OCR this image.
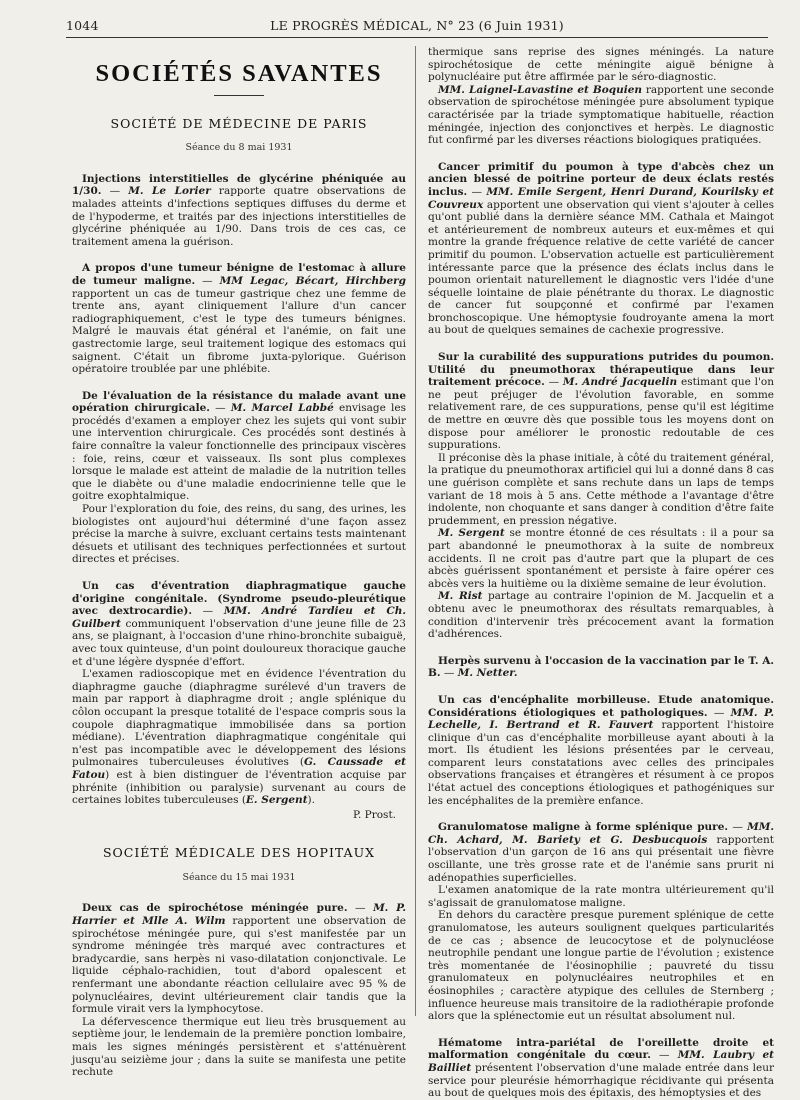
1044	LE PROGRÈS MÉDICAL, N° 23 (6 Juin 1931)
SOCIÉTÉS SAVANTES
SOCIÉTÉ DE MÉDECINE DE PARIS
Séance du 8 mai 1931

Injections interstitielles de glycérine phéniquée au 1/30. — M. Le Lorier rapporte quatre observations de malades atteints d'infections septiques diffuses du derme et de l'hypoderme, et traités par des injections interstitielles de glycérine phéniquée au 1/90. Dans trois de ces cas, ce traitement amena la guérison.

A propos d'une tumeur bénigne de l'estomac à allure de tumeur maligne. — MM Legac, Bécart, Hirchberg rapportent un cas de tumeur gastrique chez une femme de trente ans, ayant cliniquement l'allure d'un cancer radiographiquement, c'est le type des tumeurs bénignes. Malgré le mauvais état général et l'anémie, on fait une gastrectomie large, seul traitement logique des estomacs qui saignent. C'était un fibrome juxta-pylorique. Guérison opératoire troublée par une phlébite.

De l'évaluation de la résistance du malade avant une opération chirurgicale. — M. Marcel Labbé envisage les procédés d'examen a employer chez les sujets qui vont subir une intervention chirurgicale. Ces procédés sont destinés à faire connaître la valeur fonctionnelle des principaux viscères : foie, reins, cœur et vaisseaux. Ils sont plus complexes lorsque le malade est atteint de maladie de la nutrition telles que le diabète ou d'une maladie endocrinienne telle que le goitre exophtalmique.

Pour l'exploration du foie, des reins, du sang, des urines, les biologistes ont aujourd'hui déterminé d'une façon assez précise la marche à suivre, excluant certains tests maintenant désuets et utilisant des techniques perfectionnées et surtout directes et précises.

Un cas d'éventration diaphragmatique gauche d'origine congénitale. (Syndrome pseudo-pleurétique avec dextrocardie). — MM. André Tardieu et Ch. Guilbert communiquent l'observation d'une jeune fille de 23 ans, se plaignant, à l'occasion d'une rhino-bronchite subaiguë, avec toux quinteuse, d'un point douloureux thoracique gauche et d'une légère dyspnée d'effort.

L'examen radioscopique met en évidence l'éventration du diaphragme gauche (diaphragme surélevé d'un travers de main par rapport à diaphragme droit ; angle splénique du côlon occupant la presque totalité de l'espace compris sous la coupole diaphragmatique immobilisée dans sa portion médiane). L'éventration diaphragmatique congénitale qui n'est pas incompatible avec le développement des lésions pulmonaires tuberculeuses évolutives (G. Caussade et Fatou) est à bien distinguer de l'éventration acquise par phrénite (inhibition ou paralysie) survenant au cours de certaines lobites tuberculeuses (E. Sergent).

P. Prost.
SOCIÉTÉ MÉDICALE DES HOPITAUX
Séance du 15 mai 1931

Deux cas de spirochétose méningée pure. — M. P. Harrier et Mlle A. Wilm rapportent une observation de spirochétose méningée pure, qui s'est manifestée par un syndrome méningée très marqué avec contractures et bradycardie, sans herpès ni vaso-dilatation conjonctivale. Le liquide céphalo-rachidien, tout d'abord opalescent et renfermant une abondante réaction cellulaire avec 95 % de polynucléaires, devint ultérieurement clair tandis que la formule virait vers la lymphocytose.

La défervescence thermique eut lieu très brusquement au septième jour, le lendemain de la première ponction lombaire, mais les signes méningés persistèrent et s'atténuèrent jusqu'au seizième jour ; dans la suite se manifesta une petite rechute

thermique sans reprise des signes méningés. La nature spirochétosique de cette méningite aiguë bénigne à polynucléaire put être affirmée par le séro-diagnostic.

MM. Laignel-Lavastine et Boquien rapportent une seconde observation de spirochétose méningée pure absolument typique caractérisée par la triade symptomatique habituelle, réaction méningée, injection des conjonctives et herpès. Le diagnostic fut confirmé par les diverses réactions biologiques pratiquées.

Cancer primitif du poumon à type d'abcès chez un ancien blessé de poitrine porteur de deux éclats restés inclus. — MM. Emile Sergent, Henri Durand, Kourilsky et Couvreux apportent une observation qui vient s'ajouter à celles qu'ont publié dans la dernière séance MM. Cathala et Maingot et antérieurement de nombreux auteurs et eux-mêmes et qui montre la grande fréquence relative de cette variété de cancer primitif du poumon. L'observation actuelle est particulièrement intéressante parce que la présence des éclats inclus dans le poumon orientait naturellement le diagnostic vers l'idée d'une séquelle lointaine de plaie pénétrante du thorax. Le diagnostic de cancer fut soupçonné et confirmé par l'examen bronchoscopique. Une hémoptysie foudroyante amena la mort au bout de quelques semaines de cachexie progressive.

Sur la curabilité des suppurations putrides du poumon. Utilité du pneumothorax thérapeutique dans leur traitement précoce. — M. André Jacquelin estimant que l'on ne peut préjuger de l'évolution favorable, en somme relativement rare, de ces suppurations, pense qu'il est légitime de mettre en œuvre dès que possible tous les moyens dont on dispose pour améliorer le pronostic redoutable de ces suppurations.

Il préconise dès la phase initiale, à côté du traitement général, la pratique du pneumothorax artificiel qui lui a donné dans 8 cas une guérison complète et sans rechute dans un laps de temps variant de 18 mois à 5 ans. Cette méthode a l'avantage d'être indolente, non choquante et sans danger à condition d'être faite prudemment, en pression négative.

M. Sergent se montre étonné de ces résultats : il a pour sa part abandonné le pneumothorax à la suite de nombreux accidents. Il ne croit pas d'autre part que la plupart de ces abcès guérissent spontanément et persiste à faire opérer ces abcès vers la huitième ou la dixième semaine de leur évolution.

M. Rist partage au contraire l'opinion de M. Jacquelin et a obtenu avec le pneumothorax des résultats remarquables, à condition d'intervenir très précocement avant la formation d'adhérences.

Herpès survenu à l'occasion de la vaccination par le T. A. B. — M. Netter.

Un cas d'encéphalite morbilleuse. Etude anatomique. Considérations étiologiques et pathologiques. — MM. P. Lechelle, I. Bertrand et R. Fauvert rapportent l'histoire clinique d'un cas d'encéphalite morbilleuse ayant abouti à la mort. Ils étudient les lésions présentées par le cerveau, comparent leurs constatations avec celles des principales observations françaises et étrangères et résument à ce propos l'état actuel des conceptions étiologiques et pathogéniques sur les encéphalites de la première enfance.

Granulomatose maligne à forme splénique pure. — MM. Ch. Achard, M. Bariety et G. Desbucquois rapportent l'observation d'un garçon de 16 ans qui présentait une fièvre oscillante, une très grosse rate et de l'anémie sans prurit ni adénopathies superficielles.

L'examen anatomique de la rate montra ultérieurement qu'il s'agissait de granulomatose maligne.

En dehors du caractère presque purement splénique de cette granulomatose, les auteurs soulignent quelques particularités de ce cas ; absence de leucocytose et de polynucléose neutrophile pendant une longue partie de l'évolution ; existence très momentanée de l'éosinophilie ; pauvreté du tissu granulomateux en polynucléaires neutrophiles et en éosinophiles ; caractère atypique des cellules de Sternberg ; influence heureuse mais transitoire de la radiothérapie profonde alors que la splénectomie eut un résultat absolument nul.

Hématome intra-pariétal de l'oreillette droite et malformation congénitale du cœur. — MM. Laubry et Bailliet présentent l'observation d'une malade entrée dans leur service pour pleurésie hémorrhagique récidivante qui présenta au bout de quelques mois des épitaxis, des hémoptysies et des
